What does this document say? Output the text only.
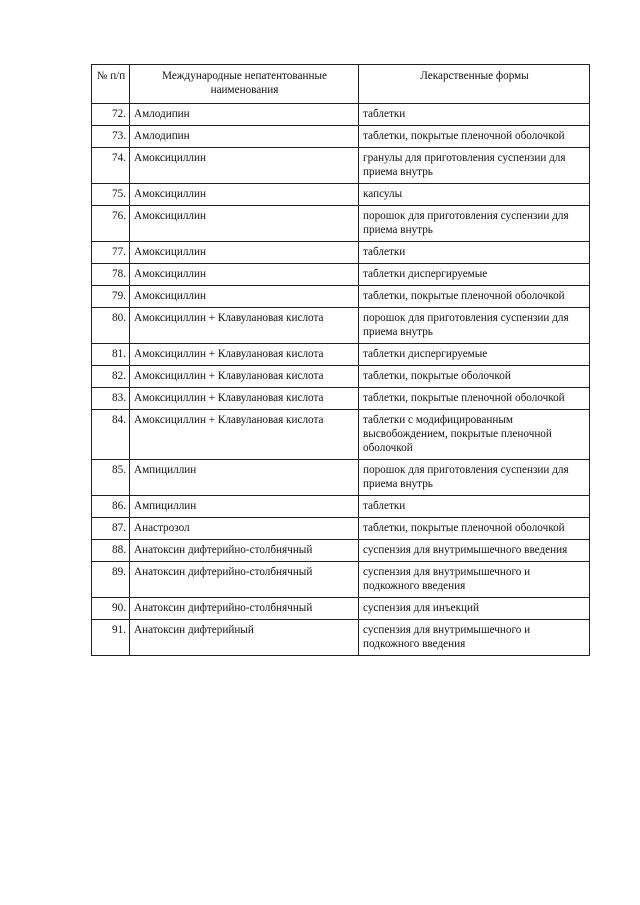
№ п/п	Международные непатентованные наименования	Лекарственные формы
72.	Амлодипин	таблетки
73.	Амлодипин	таблетки, покрытые пленочной оболочкой
74.	Амоксициллин	гранулы для приготовления суспензии для приема внутрь
75.	Амоксициллин	капсулы
76.	Амоксициллин	порошок для приготовления суспензии для приема внутрь
77.	Амоксициллин	таблетки
78.	Амоксициллин	таблетки диспергируемые
79.	Амоксициллин	таблетки, покрытые пленочной оболочкой
80.	Амоксициллин + Клавулановая кислота	порошок для приготовления суспензии для приема внутрь
81.	Амоксициллин + Клавулановая кислота	таблетки диспергируемые
82.	Амоксициллин + Клавулановая кислота	таблетки, покрытые оболочкой
83.	Амоксициллин + Клавулановая кислота	таблетки, покрытые пленочной оболочкой
84.	Амоксициллин + Клавулановая кислота	таблетки с модифицированным высвобождением, покрытые пленочной оболочкой
85.	Ампициллин	порошок для приготовления суспензии для приема внутрь
86.	Ампициллин	таблетки
87.	Анастрозол	таблетки, покрытые пленочной оболочкой
88.	Анатоксин дифтерийно-столбнячный	суспензия для внутримышечного введения
89.	Анатоксин дифтерийно-столбнячный	суспензия для внутримышечного и подкожного введения
90.	Анатоксин дифтерийно-столбнячный	суспензия для инъекций
91.	Анатоксин дифтерийный	суспензия для внутримышечного и подкожного введения
